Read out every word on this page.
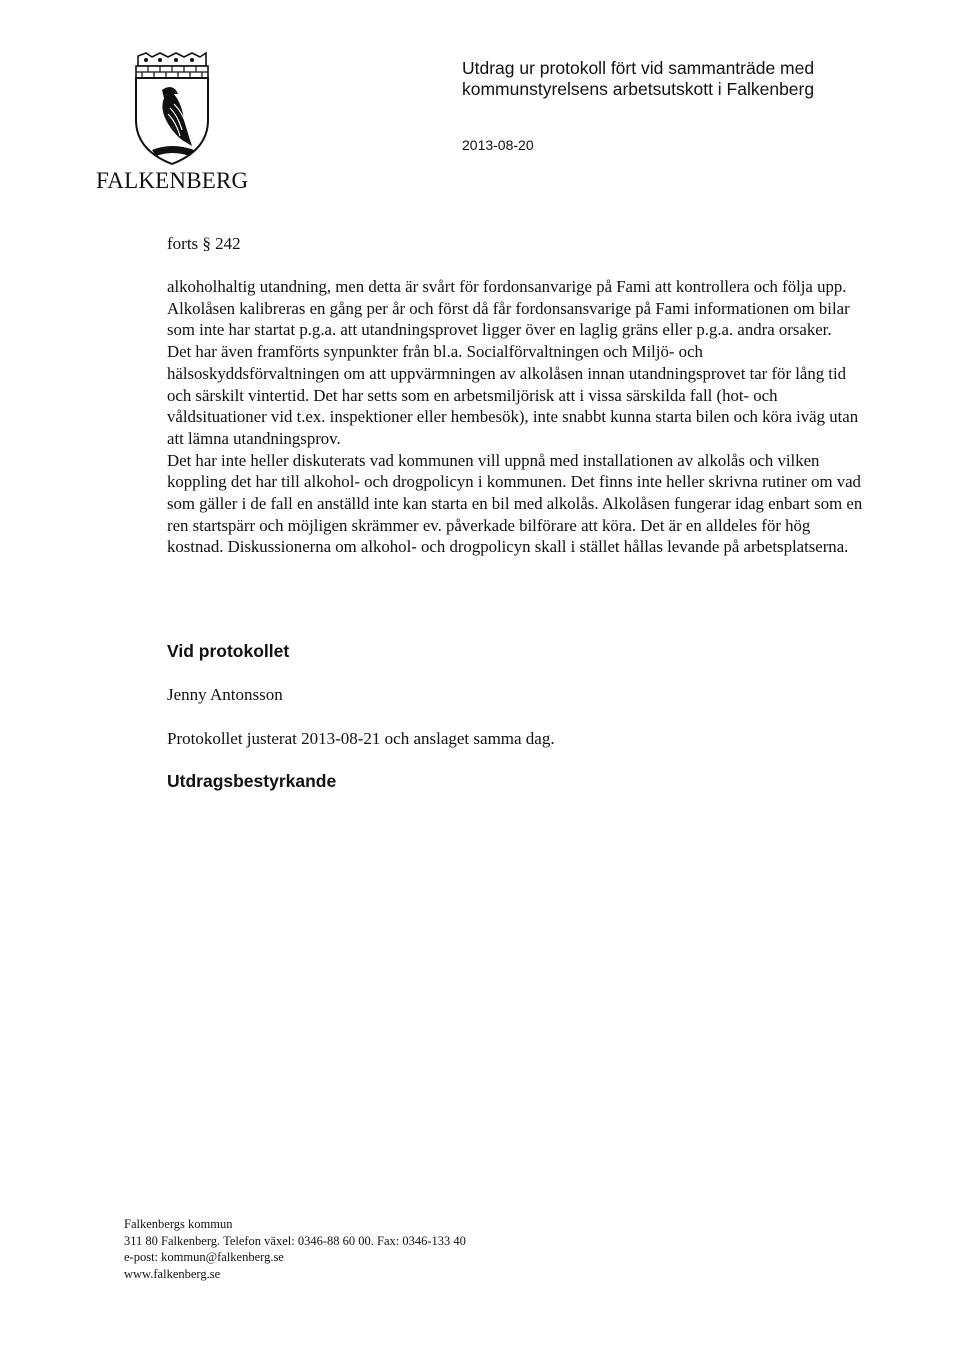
FALKENBERG
Utdrag ur protokoll fört vid sammanträde med
kommunstyrelsens arbetsutskott i Falkenberg
2013-08-20
forts § 242

alkoholhaltig utandning, men detta är svårt för fordonsanvarige på Fami att kontrollera och följa upp. Alkolåsen kalibreras en gång per år och först då får fordonsansvarige på Fami informationen om bilar som inte har startat p.g.a. att utandningsprovet ligger över en laglig gräns eller p.g.a. andra orsaker.

Det har även framförts synpunkter från bl.a. Socialförvaltningen och Miljö- och hälsoskyddsförvaltningen om att uppvärmningen av alkolåsen innan utandningsprovet tar för lång tid och särskilt vintertid. Det har setts som en arbetsmiljörisk att i vissa särskilda fall (hot- och våldsituationer vid t.ex. inspektioner eller hembesök), inte snabbt kunna starta bilen och köra iväg utan att lämna utandningsprov.

Det har inte heller diskuterats vad kommunen vill uppnå med installationen av alkolås och vilken koppling det har till alkohol- och drogpolicyn i kommunen. Det finns inte heller skrivna rutiner om vad som gäller i de fall en anställd inte kan starta en bil med alkolås. Alkolåsen fungerar idag enbart som en ren startspärr och möjligen skrämmer ev. påverkade bilförare att köra. Det är en alldeles för hög kostnad. Diskussionerna om alkohol- och drogpolicyn skall i stället hållas levande på arbetsplatserna.

Vid protokollet
Jenny Antonsson
Protokollet justerat 2013-08-21 och anslaget samma dag.
Utdragsbestyrkande
Falkenbergs kommun
311 80 Falkenberg. Telefon växel: 0346-88 60 00. Fax: 0346-133 40
e-post: kommun@falkenberg.se
www.falkenberg.se
